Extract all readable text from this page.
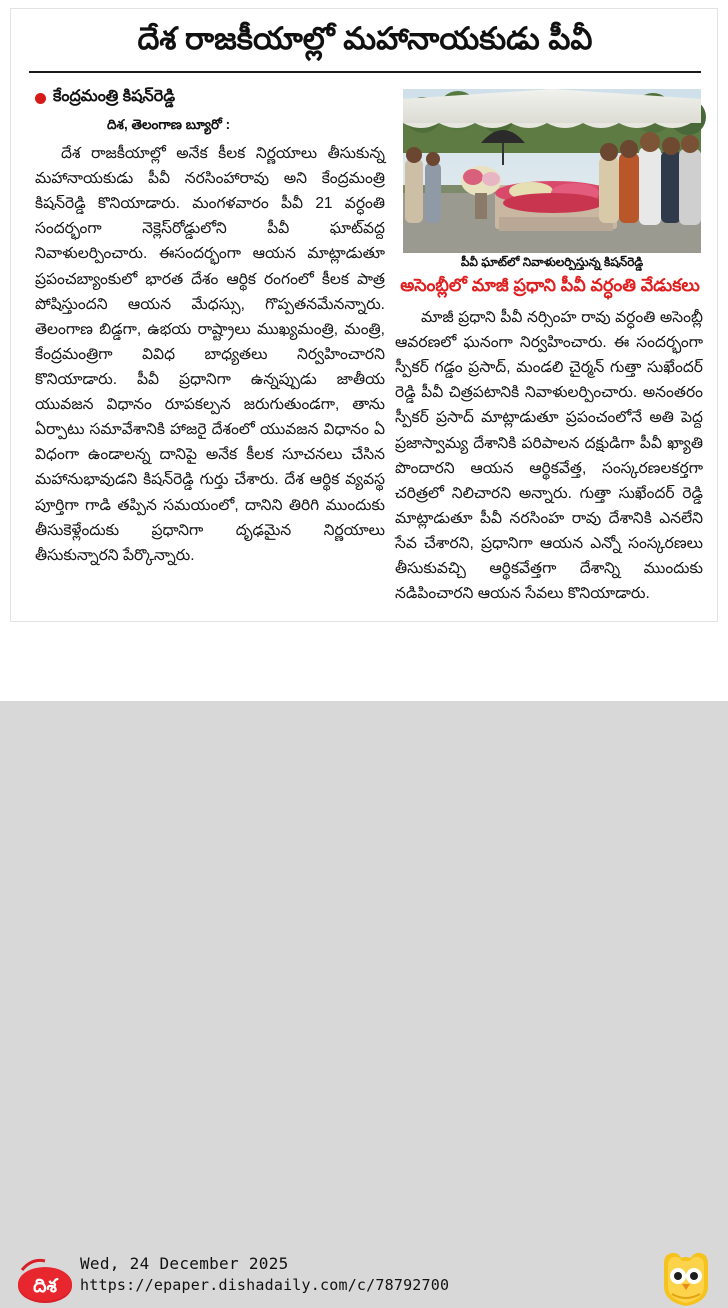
దేశ రాజకీయాల్లో మహానాయకుడు పీవీ
కేంద్రమంత్రి కిషన్‌రెడ్డి
దిశ, తెలంగాణ బ్యూరో :

దేశ రాజకీయాల్లో అనేక కీలక నిర్ణయాలు తీసుకున్న మహానాయకుడు పీవీ నరసింహారావు అని కేంద్రమంత్రి కిషన్‌రెడ్డి కొనియాడారు. మంగళవారం పీవీ 21 వర్ధంతి సందర్భంగా నెక్లెస్‌రోడ్డులోని పీవీ ఘాట్‌వద్ద నివాళులర్పించారు. ఈసందర్భంగా ఆయన మాట్లాడుతూ ప్రపంచబ్యాంకులో భారత దేశం ఆర్థిక రంగంలో కీలక పాత్ర పోషిస్తుందని ఆయన మేధస్సు, గొప్పతనమేనన్నారు. తెలంగాణ బిడ్డగా, ఉభయ రాష్ట్రాలు ముఖ్యమంత్రి, మంత్రి, కేంద్రమంత్రిగా వివిధ బాధ్యతలు నిర్వహించారని కొనియాడారు. పీవీ ప్రధానిగా ఉన్నప్పుడు జాతీయ యువజన విధానం రూపకల్పన జరుగుతుండగా, తాను ఏర్పాటు సమావేశానికి హాజరై దేశంలో యువజన విధానం ఏ విధంగా ఉండాలన్న దానిపై అనేక కీలక సూచనలు చేసిన మహానుభావుడని కిషన్‌రెడ్డి గుర్తు చేశారు. దేశ ఆర్థిక వ్యవస్థ పూర్తిగా గాడి తప్పిన సమయంలో, దానిని తిరిగి ముందుకు తీసుకెళ్లేందుకు ప్రధానిగా దృఢమైన నిర్ణయాలు తీసుకున్నారని పేర్కొన్నారు.

పీవీ ఘాట్‌లో నివాళులర్పిస్తున్న కిషన్‌రెడ్డి
అసెంబ్లీలో మాజీ ప్రధాని పీవీ వర్ధంతి వేడుకలు

మాజీ ప్రధాని పీవీ నర్సింహ రావు వర్ధంతి అసెంబ్లీ ఆవరణలో ఘనంగా నిర్వహించారు. ఈ సందర్భంగా స్పీకర్ గడ్డం ప్రసాద్, మండలి చైర్మన్ గుత్తా సుఖేందర్ రెడ్డి పీవీ చిత్రపటానికి నివాళులర్పించారు. అనంతరం స్పీకర్ ప్రసాద్ మాట్లాడుతూ ప్రపంచంలోనే అతి పెద్ద ప్రజాస్వామ్య దేశానికి పరిపాలన దక్షుడిగా పీవీ ఖ్యాతి పొందారని ఆయన ఆర్థికవేత్త, సంస్కరణలకర్తగా చరిత్రలో నిలిచారని అన్నారు. గుత్తా సుఖేందర్ రెడ్డి మాట్లాడుతూ పీవీ నరసింహ రావు దేశానికి ఎనలేని సేవ చేశారని, ప్రధానిగా ఆయన ఎన్నో సంస్కరణలు తీసుకువచ్చి ఆర్థికవేత్తగా దేశాన్ని ముందుకు నడిపించారని ఆయన సేవలు కొనియాడారు.

దిశ
Wed, 24 December 2025
https://epaper.dishadaily.com/c/78792700
